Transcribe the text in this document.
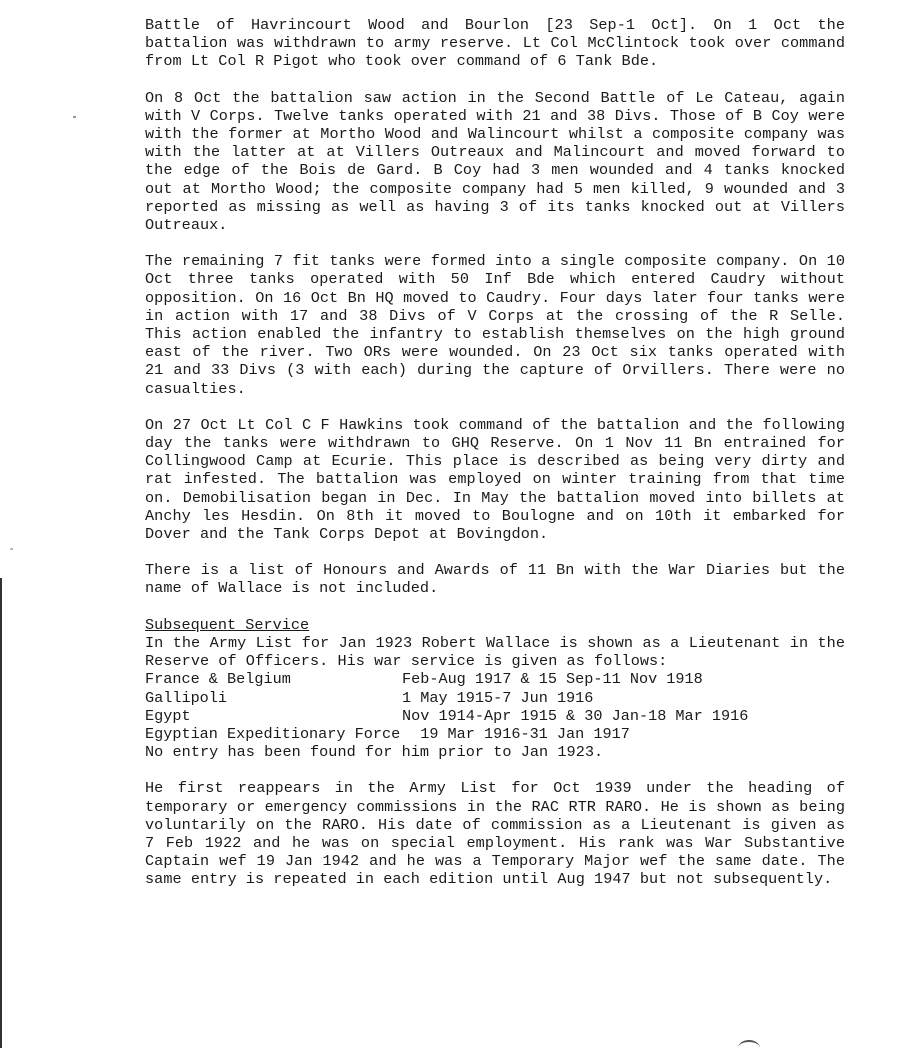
Battle of Havrincourt Wood and Bourlon [23 Sep-1 Oct]. On 1 Oct the battalion was withdrawn to army reserve. Lt Col McClintock took over command from Lt Col R Pigot who took over command of 6 Tank Bde.

On 8 Oct the battalion saw action in the Second Battle of Le Cateau, again with V Corps. Twelve tanks operated with 21 and 38 Divs. Those of B Coy were with the former at Mortho Wood and Walincourt whilst a composite company was with the latter at at Villers Outreaux and Malincourt and moved forward to the edge of the Bois de Gard. B Coy had 3 men wounded and 4 tanks knocked out at Mortho Wood; the composite company had 5 men killed, 9 wounded and 3 reported as missing as well as having 3 of its tanks knocked out at Villers Outreaux.

The remaining 7 fit tanks were formed into a single composite company. On 10 Oct three tanks operated with 50 Inf Bde which entered Caudry without opposition. On 16 Oct Bn HQ moved to Caudry. Four days later four tanks were in action with 17 and 38 Divs of V Corps at the crossing of the R Selle. This action enabled the infantry to establish themselves on the high ground east of the river. Two ORs were wounded. On 23 Oct six tanks operated with 21 and 33 Divs (3 with each) during the capture of Orvillers. There were no casualties.

On 27 Oct Lt Col C F Hawkins took command of the battalion and the following day the tanks were withdrawn to GHQ Reserve. On 1 Nov 11 Bn entrained for Collingwood Camp at Ecurie. This place is described as being very dirty and rat infested. The battalion was employed on winter training from that time on. Demobilisation began in Dec. In May the battalion moved into billets at Anchy les Hesdin. On 8th it moved to Boulogne and on 10th it embarked for Dover and the Tank Corps Depot at Bovingdon.

There is a list of Honours and Awards of 11 Bn with the War Diaries but the name of Wallace is not included.

Subsequent Service

In the Army List for Jan 1923 Robert Wallace is shown as a Lieutenant in the Reserve of Officers. His war service is given as follows:

France & Belgium	Feb-Aug 1917 & 15 Sep-11 Nov 1918
Gallipoli	1 May 1915-7 Jun 1916
Egypt	Nov 1914-Apr 1915 & 30 Jan-18 Mar 1916
Egyptian Expeditionary Force 19 Mar 1916-31 Jan 1917

No entry has been found for him prior to Jan 1923.

He first reappears in the Army List for Oct 1939 under the heading of temporary or emergency commissions in the RAC RTR RARO. He is shown as being voluntarily on the RARO. His date of commission as a Lieutenant is given as 7 Feb 1922 and he was on special employment. His rank was War Substantive Captain wef 19 Jan 1942 and he was a Temporary Major wef the same date. The same entry is repeated in each edition until Aug 1947 but not subsequently.
